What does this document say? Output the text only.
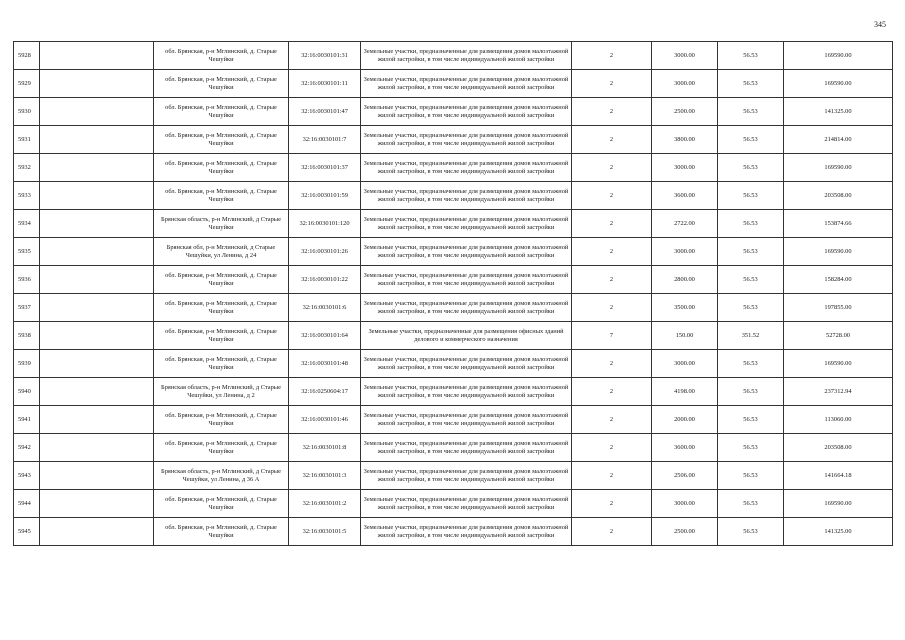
345
5928		обл. Брянская, р-н Мглинский, д. Старые Чешуйки	32:16:0030101:31	Земельные участки, предназначенные для размещения домов малоэтажной жилой застройки, в том числе индивидуальной жилой застройки	2	3000.00	56.53	169590.00
5929		обл. Брянская, р-н Мглинский, д. Старые Чешуйки	32:16:0030101:11	Земельные участки, предназначенные для размещения домов малоэтажной жилой застройки, в том числе индивидуальной жилой застройки	2	3000.00	56.53	169590.00
5930		обл. Брянская, р-н Мглинский, д. Старые Чешуйки	32:16:0030101:47	Земельные участки, предназначенные для размещения домов малоэтажной жилой застройки, в том числе индивидуальной жилой застройки	2	2500.00	56.53	141325.00
5931		обл. Брянская, р-н Мглинский, д. Старые Чешуйки	32:16:0030101:7	Земельные участки, предназначенные для размещения домов малоэтажной жилой застройки, в том числе индивидуальной жилой застройки	2	3800.00	56.53	214814.00
5932		обл. Брянская, р-н Мглинский, д. Старые Чешуйки	32:16:0030101:37	Земельные участки, предназначенные для размещения домов малоэтажной жилой застройки, в том числе индивидуальной жилой застройки	2	3000.00	56.53	169590.00
5933		обл. Брянская, р-н Мглинский, д. Старые Чешуйки	32:16:0030101:59	Земельные участки, предназначенные для размещения домов малоэтажной жилой застройки, в том числе индивидуальной жилой застройки	2	3600.00	56.53	203508.00
5934		Брянская область, р-н Мглинский, д Старые Чешуйки	32:16:0030101:120	Земельные участки, предназначенные для размещения домов малоэтажной жилой застройки, в том числе индивидуальной жилой застройки	2	2722.00	56.53	153874.66
5935		Брянская обл, р-н Мглинский, д Старые Чешуйки, ул Ленина, д 24	32:16:0030101:26	Земельные участки, предназначенные для размещения домов малоэтажной жилой застройки, в том числе индивидуальной жилой застройки	2	3000.00	56.53	169590.00
5936		обл. Брянская, р-н Мглинский, д. Старые Чешуйки	32:16:0030101:22	Земельные участки, предназначенные для размещения домов малоэтажной жилой застройки, в том числе индивидуальной жилой застройки	2	2800.00	56.53	158284.00
5937		обл. Брянская, р-н Мглинский, д. Старые Чешуйки	32:16:0030101:6	Земельные участки, предназначенные для размещения домов малоэтажной жилой застройки, в том числе индивидуальной жилой застройки	2	3500.00	56.53	197855.00
5938		обл. Брянская, р-н Мглинский, д. Старые Чешуйки	32:16:0030101:64	Земельные участки, предназначенные для размещения офисных зданий делового и коммерческого назначения	7	150.00	351.52	52728.00
5939		обл. Брянская, р-н Мглинский, д. Старые Чешуйки	32:16:0030101:48	Земельные участки, предназначенные для размещения домов малоэтажной жилой застройки, в том числе индивидуальной жилой застройки	2	3000.00	56.53	169590.00
5940		Брянская область, р-н Мглинский, д Старые Чешуйки, ул Ленина, д 2	32:16:0250604:17	Земельные участки, предназначенные для размещения домов малоэтажной жилой застройки, в том числе индивидуальной жилой застройки	2	4198.00	56.53	237312.94
5941		обл. Брянская, р-н Мглинский, д. Старые Чешуйки	32:16:0030101:46	Земельные участки, предназначенные для размещения домов малоэтажной жилой застройки, в том числе индивидуальной жилой застройки	2	2000.00	56.53	113060.00
5942		обл. Брянская, р-н Мглинский, д. Старые Чешуйки	32:16:0030101:8	Земельные участки, предназначенные для размещения домов малоэтажной жилой застройки, в том числе индивидуальной жилой застройки	2	3600.00	56.53	203508.00
5943		Брянская область, р-н Мглинский, д Старые Чешуйки, ул Ленина, д 36 А	32:16:0030101:3	Земельные участки, предназначенные для размещения домов малоэтажной жилой застройки, в том числе индивидуальной жилой застройки	2	2506.00	56.53	141664.18
5944		обл. Брянская, р-н Мглинский, д. Старые Чешуйки	32:16:0030101:2	Земельные участки, предназначенные для размещения домов малоэтажной жилой застройки, в том числе индивидуальной жилой застройки	2	3000.00	56.53	169590.00
5945		обл. Брянская, р-н Мглинский, д. Старые Чешуйки	32:16:0030101:5	Земельные участки, предназначенные для размещения домов малоэтажной жилой застройки, в том числе индивидуальной жилой застройки	2	2500.00	56.53	141325.00
